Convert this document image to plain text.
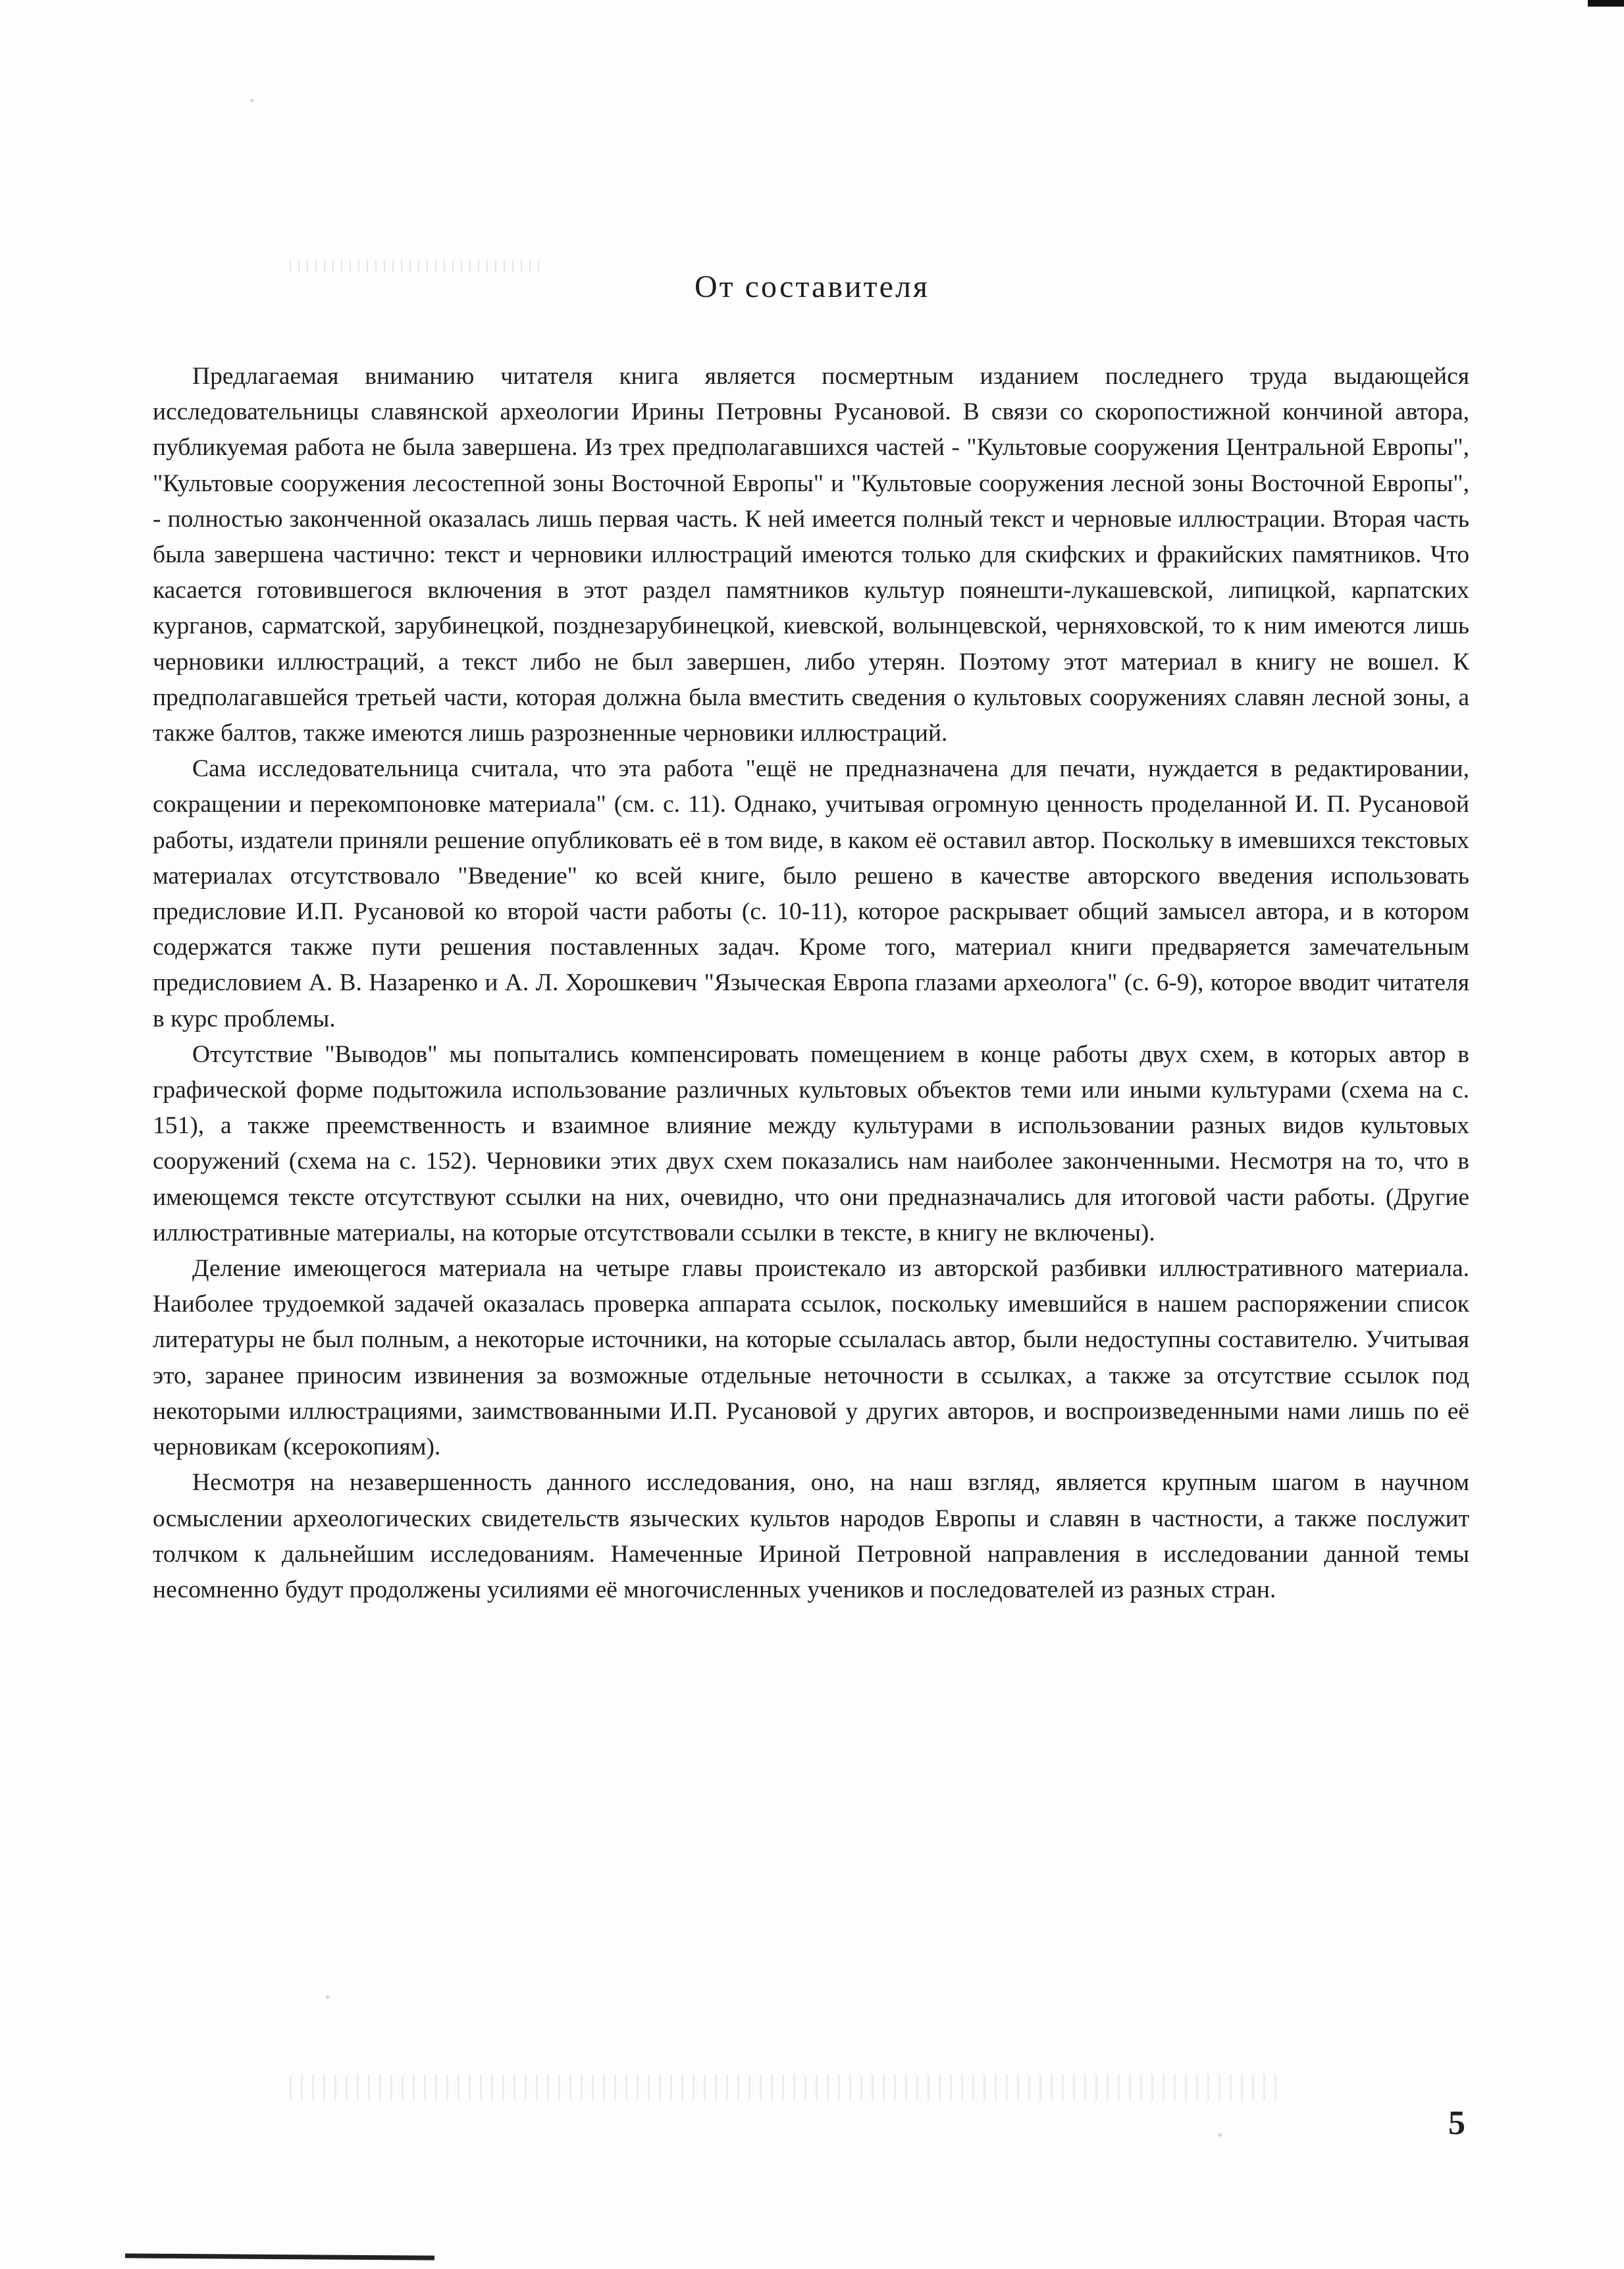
От составителя

Предлагаемая вниманию читателя книга является посмертным изданием последнего труда выдающейся исследовательницы славянской археологии Ирины Петровны Русановой. В связи со скоропостижной кончиной автора, публикуемая работа не была завершена. Из трех предполагавшихся частей - "Культовые сооружения Центральной Европы", "Культовые сооружения лесостепной зоны Восточной Европы" и "Культовые сооружения лесной зоны Восточной Европы", - полностью законченной оказалась лишь первая часть. К ней имеется полный текст и черновые иллюстрации. Вторая часть была завершена частично: текст и черновики иллюстраций имеются только для скифских и фракийских памятников. Что касается готовившегося включения в этот раздел памятников культур поянешти-лукашевской, липицкой, карпатских курганов, сарматской, зарубинецкой, позднезарубинецкой, киевской, волынцевской, черняховской, то к ним имеются лишь черновики иллюстраций, а текст либо не был завершен, либо утерян. Поэтому этот материал в книгу не вошел. К предполагавшейся третьей части, которая должна была вместить сведения о культовых сооружениях славян лесной зоны, а также балтов, также имеются лишь разрозненные черновики иллюстраций.

Сама исследовательница считала, что эта работа "ещё не предназначена для печати, нуждается в редактировании, сокращении и перекомпоновке материала" (см. с. 11). Однако, учитывая огромную ценность проделанной И. П. Русановой работы, издатели приняли решение опубликовать её в том виде, в каком её оставил автор. Поскольку в имевшихся текстовых материалах отсутствовало "Введение" ко всей книге, было решено в качестве авторского введения использовать предисловие И.П. Русановой ко второй части работы (с. 10-11), которое раскрывает общий замысел автора, и в котором содержатся также пути решения поставленных задач. Кроме того, материал книги предваряется замечательным предисловием А. В. Назаренко и А. Л. Хорошкевич "Языческая Европа глазами археолога" (с. 6-9), которое вводит читателя в курс проблемы.

Отсутствие "Выводов" мы попытались компенсировать помещением в конце работы двух схем, в которых автор в графической форме подытожила использование различных культовых объектов теми или иными культурами (схема на с. 151), а также преемственность и взаимное влияние между культурами в использовании разных видов культовых сооружений (схема на с. 152). Черновики этих двух схем показались нам наиболее законченными. Несмотря на то, что в имеющемся тексте отсутствуют ссылки на них, очевидно, что они предназначались для итоговой части работы. (Другие иллюстративные материалы, на которые отсутствовали ссылки в тексте, в книгу не включены).

Деление имеющегося материала на четыре главы проистекало из авторской разбивки иллюстративного материала. Наиболее трудоемкой задачей оказалась проверка аппарата ссылок, поскольку имевшийся в нашем распоряжении список литературы не был полным, а некоторые источники, на которые ссылалась автор, были недоступны составителю. Учитывая это, заранее приносим извинения за возможные отдельные неточности в ссылках, а также за отсутствие ссылок под некоторыми иллюстрациями, заимствованными И.П. Русановой у других авторов, и воспроизведенными нами лишь по её черновикам (ксерокопиям).

Несмотря на незавершенность данного исследования, оно, на наш взгляд, является крупным шагом в научном осмыслении археологических свидетельств языческих культов народов Европы и славян в частности, а также послужит толчком к дальнейшим исследованиям. Намеченные Ириной Петровной направления в исследовании данной темы несомненно будут продолжены усилиями её многочисленных учеников и последователей из разных стран.

5
